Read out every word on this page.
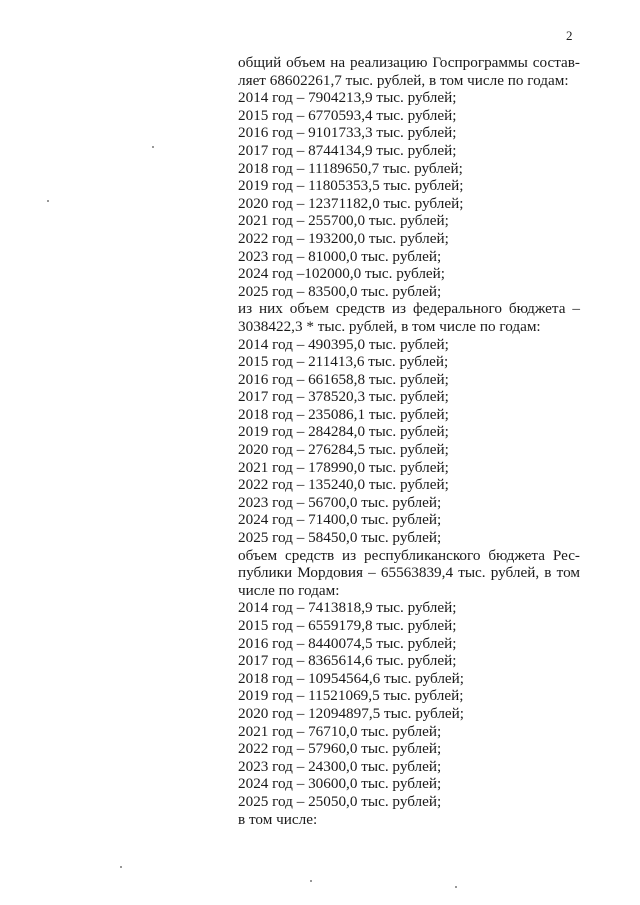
2
общий объем на реализацию Госпрограммы состав-
ляет 68602261,7 тыс. рублей, в том числе по годам:
2014 год – 7904213,9 тыс. рублей;
2015 год – 6770593,4 тыс. рублей;
2016 год – 9101733,3 тыс. рублей;
2017 год – 8744134,9 тыс. рублей;
2018 год – 11189650,7 тыс. рублей;
2019 год – 11805353,5 тыс. рублей;
2020 год – 12371182,0 тыс. рублей;
2021 год – 255700,0 тыс. рублей;
2022 год – 193200,0 тыс. рублей;
2023 год – 81000,0 тыс. рублей;
2024 год –102000,0 тыс. рублей;
2025 год – 83500,0 тыс. рублей;
из них объем средств из федерального бюджета –
3038422,3 * тыс. рублей, в том числе по годам:
2014 год – 490395,0 тыс. рублей;
2015 год – 211413,6 тыс. рублей;
2016 год – 661658,8 тыс. рублей;
2017 год – 378520,3 тыс. рублей;
2018 год – 235086,1 тыс. рублей;
2019 год – 284284,0 тыс. рублей;
2020 год – 276284,5 тыс. рублей;
2021 год – 178990,0 тыс. рублей;
2022 год – 135240,0 тыс. рублей;
2023 год – 56700,0 тыс. рублей;
2024 год – 71400,0 тыс. рублей;
2025 год – 58450,0 тыс. рублей;
объем средств из республиканского бюджета Рес-
публики Мордовия – 65563839,4 тыс. рублей, в том
числе по годам:
2014 год – 7413818,9 тыс. рублей;
2015 год – 6559179,8 тыс. рублей;
2016 год – 8440074,5 тыс. рублей;
2017 год – 8365614,6 тыс. рублей;
2018 год – 10954564,6 тыс. рублей;
2019 год – 11521069,5 тыс. рублей;
2020 год – 12094897,5 тыс. рублей;
2021 год – 76710,0 тыс. рублей;
2022 год – 57960,0 тыс. рублей;
2023 год – 24300,0 тыс. рублей;
2024 год – 30600,0 тыс. рублей;
2025 год – 25050,0 тыс. рублей;
в том числе:
